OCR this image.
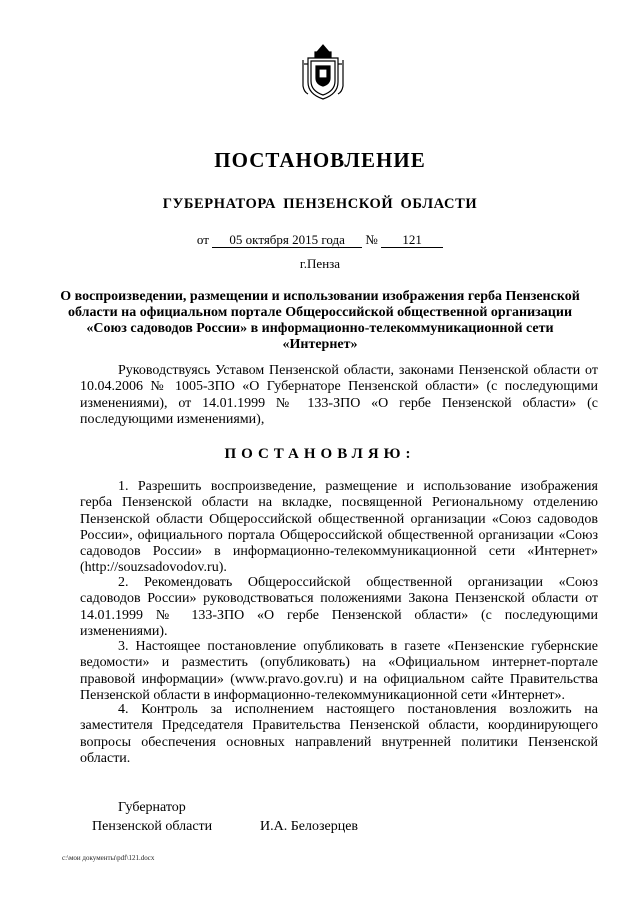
ПОСТАНОВЛЕНИЕ
ГУБЕРНАТОРА ПЕНЗЕНСКОЙ ОБЛАСТИ
от 05 октября 2015 года № 121
г.Пенза
О воспроизведении, размещении и использовании изображения герба Пензенской области на официальном портале Общероссийской общественной организации «Союз садоводов России» в информационно-телекоммуникационной сети «Интернет»

Руководствуясь Уставом Пензенской области, законами Пензенской области от 10.04.2006 № 1005-ЗПО «О Губернаторе Пензенской области» (с последующими изменениями), от 14.01.1999 № 133-ЗПО «О гербе Пензенской области» (с последующими изменениями),

ПОСТАНОВЛЯЮ:

1. Разрешить воспроизведение, размещение и использование изображения герба Пензенской области на вкладке, посвященной Региональному отделению Пензенской области Общероссийской общественной организации «Союз садоводов России», официального портала Общероссийской общественной организации «Союз садоводов России» в информационно-телекоммуникационной сети «Интернет» (http://souzsadovodov.ru).

2. Рекомендовать Общероссийской общественной организации «Союз садоводов России» руководствоваться положениями Закона Пензенской области от 14.01.1999 № 133-ЗПО «О гербе Пензенской области» (с последующими изменениями).

3. Настоящее постановление опубликовать в газете «Пензенские губернские ведомости» и разместить (опубликовать) на «Официальном интернет-портале правовой информации» (www.pravo.gov.ru) и на официальном сайте Правительства Пензенской области в информационно-телекоммуникационной сети «Интернет».

4. Контроль за исполнением настоящего постановления возложить на заместителя Председателя Правительства Пензенской области, координирующего вопросы обеспечения основных направлений внутренней политики Пензенской области.

Губернатор
Пензенской области	И.А. Белозерцев
c:\мои документы\pdf\121.docx
